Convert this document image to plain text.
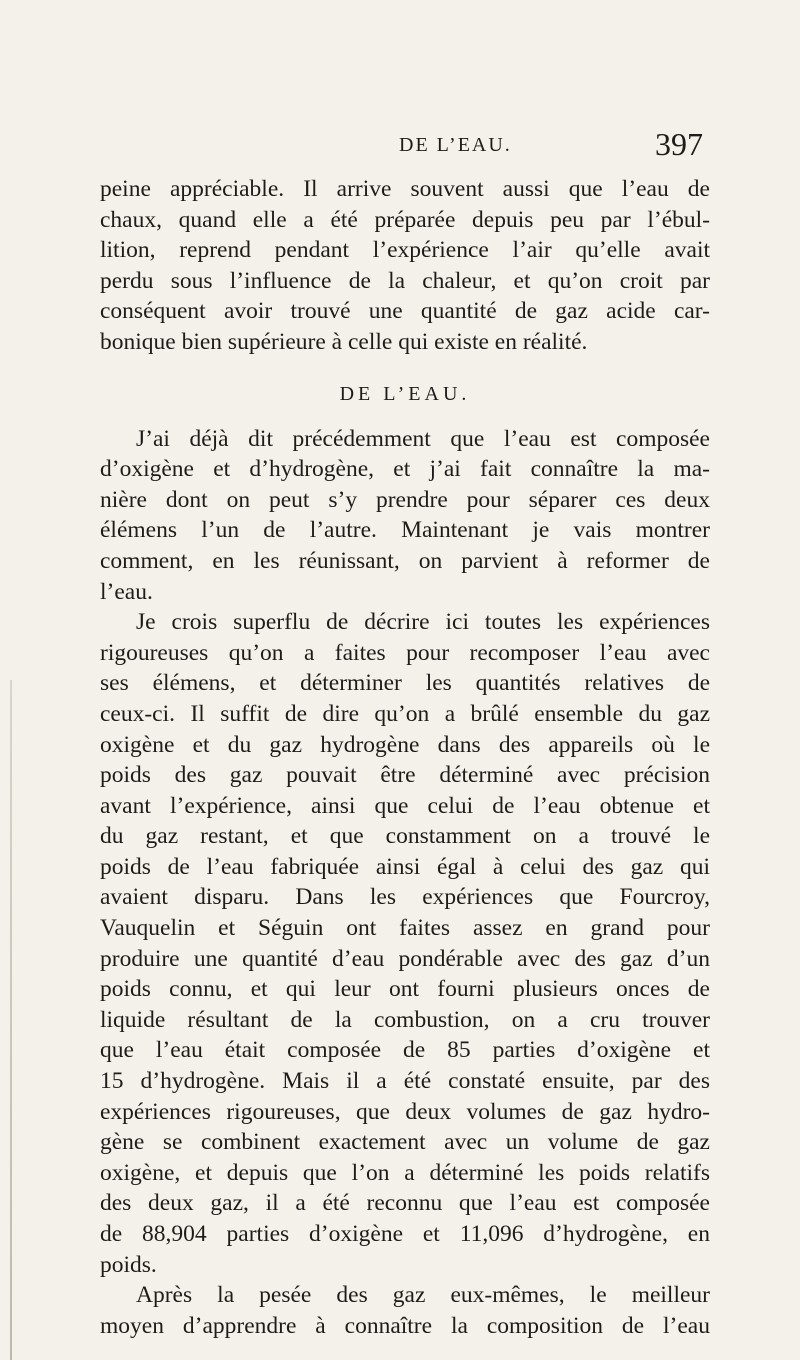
DE L’EAU.	397

peine appréciable. Il arrive souvent aussi que l’eau de
chaux, quand elle a été préparée depuis peu par l’ébul-
lition, reprend pendant l’expérience l’air qu’elle avait
perdu sous l’influence de la chaleur, et qu’on croit par
conséquent avoir trouvé une quantité de gaz acide car-
bonique bien supérieure à celle qui existe en réalité.

DE L’EAU.

J’ai déjà dit précédemment que l’eau est composée
d’oxigène et d’hydrogène, et j’ai fait connaître la ma-
nière dont on peut s’y prendre pour séparer ces deux
élémens l’un de l’autre. Maintenant je vais montrer
comment, en les réunissant, on parvient à reformer de
l’eau.

Je crois superflu de décrire ici toutes les expériences
rigoureuses qu’on a faites pour recomposer l’eau avec
ses élémens, et déterminer les quantités relatives de
ceux-ci. Il suffit de dire qu’on a brûlé ensemble du gaz
oxigène et du gaz hydrogène dans des appareils où le
poids des gaz pouvait être déterminé avec précision
avant l’expérience, ainsi que celui de l’eau obtenue et
du gaz restant, et que constamment on a trouvé le
poids de l’eau fabriquée ainsi égal à celui des gaz qui
avaient disparu. Dans les expériences que Fourcroy,
Vauquelin et Séguin ont faites assez en grand pour
produire une quantité d’eau pondérable avec des gaz d’un
poids connu, et qui leur ont fourni plusieurs onces de
liquide résultant de la combustion, on a cru trouver
que l’eau était composée de 85 parties d’oxigène et
15 d’hydrogène. Mais il a été constaté ensuite, par des
expériences rigoureuses, que deux volumes de gaz hydro-
gène se combinent exactement avec un volume de gaz
oxigène, et depuis que l’on a déterminé les poids relatifs
des deux gaz, il a été reconnu que l’eau est composée
de 88,904 parties d’oxigène et 11,096 d’hydrogène, en
poids.

Après la pesée des gaz eux-mêmes, le meilleur
moyen d’apprendre à connaître la composition de l’eau
